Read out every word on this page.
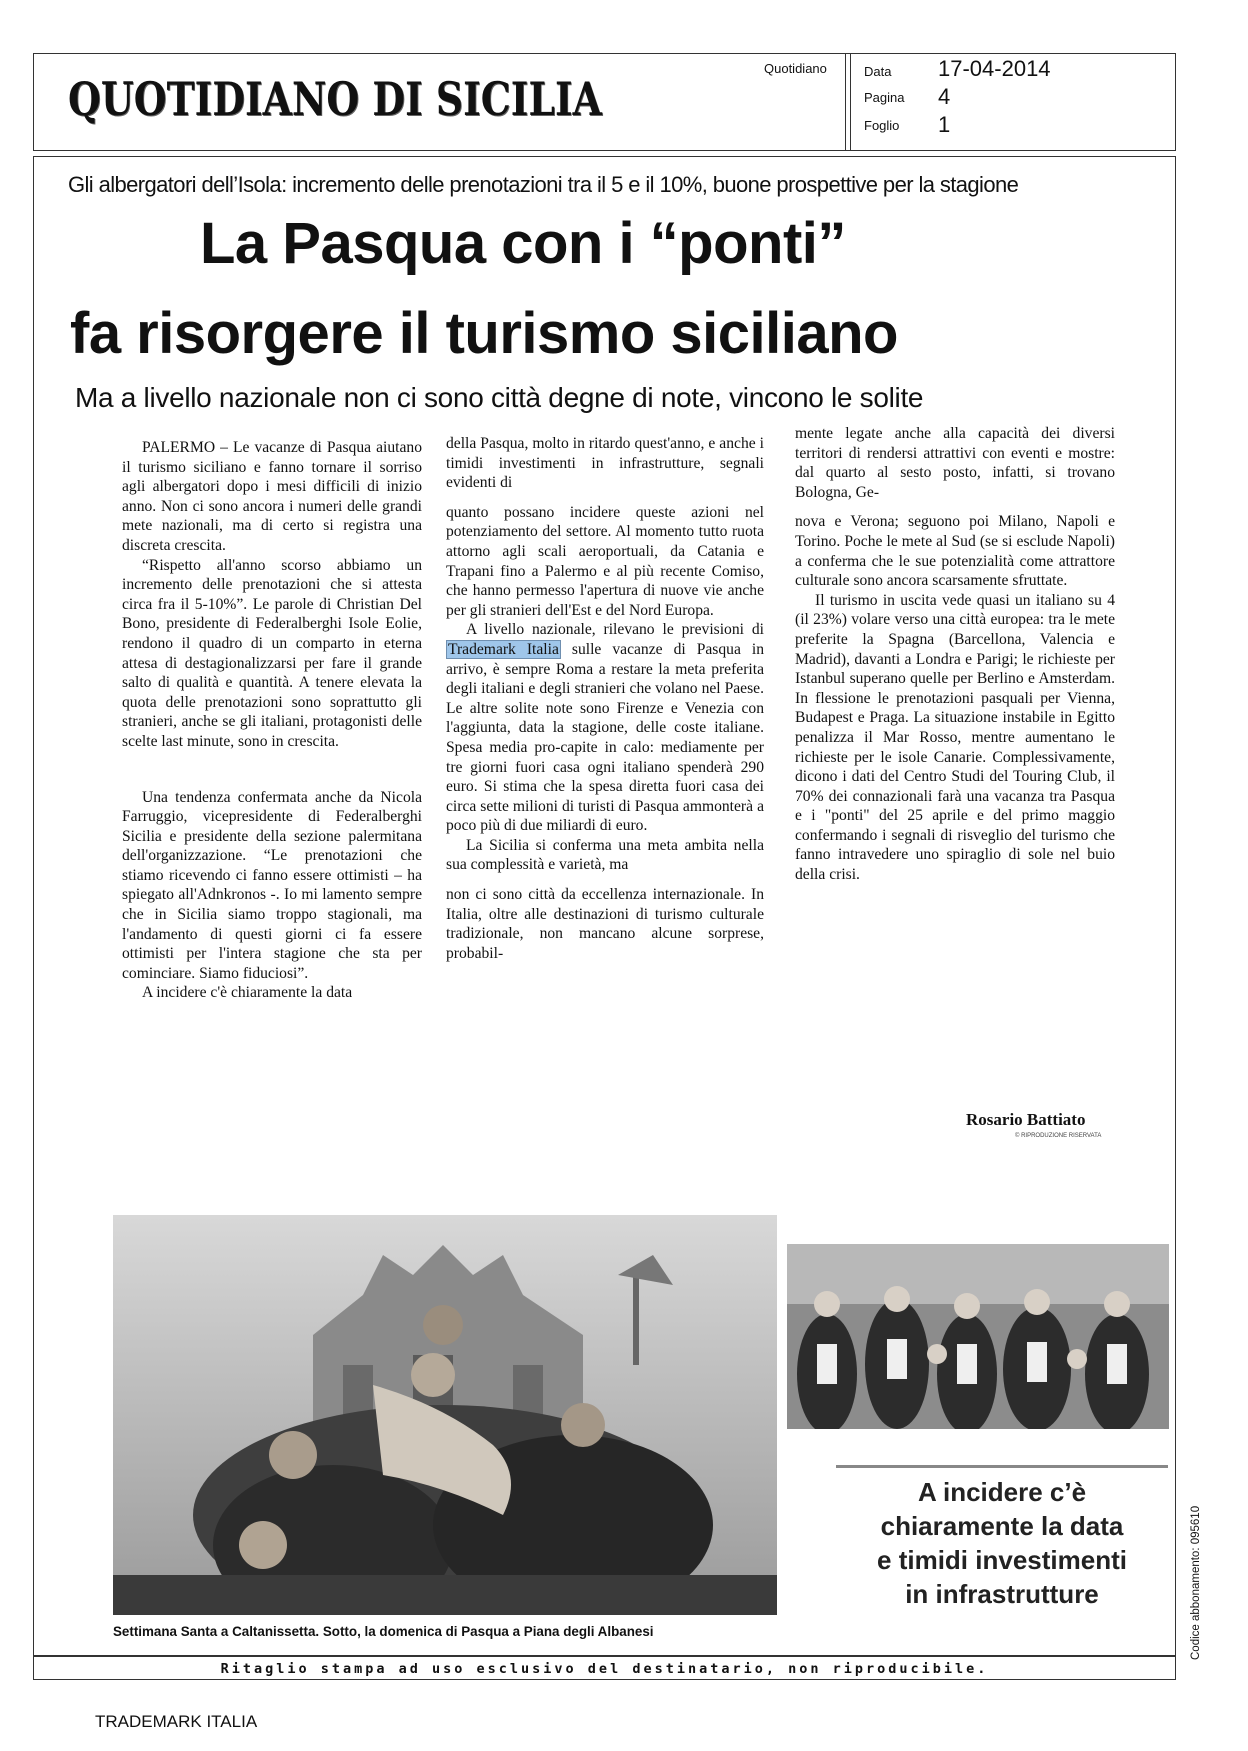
QUOTIDIANO DI SICILIA
Quotidiano	Data 17-04-2014
Pagina 4
Foglio 1
Gli albergatori dell’Isola: incremento delle prenotazioni tra il 5 e il 10%, buone prospettive per la stagione
La Pasqua con i “ponti”
fa risorgere il turismo siciliano
Ma a livello nazionale non ci sono città degne di note, vincono le solite

PALERMO – Le vacanze di Pasqua aiutano il turismo siciliano e fanno tornare il sorriso agli albergatori dopo i mesi difficili di inizio anno. Non ci sono ancora i numeri delle grandi mete nazionali, ma di certo si registra una discreta crescita.

“Rispetto all'anno scorso abbiamo un incremento delle prenotazioni che si attesta circa fra il 5-10%”. Le parole di Christian Del Bono, presidente di Federalberghi Isole Eolie, rendono il quadro di un comparto in eterna attesa di destagionalizzarsi per fare il grande salto di qualità e quantità. A tenere elevata la quota delle prenotazioni sono soprattutto gli stranieri, anche se gli italiani, protagonisti delle scelte last minute, sono in crescita.

Una tendenza confermata anche da Nicola Farruggio, vicepresidente di Federalberghi Sicilia e presidente della sezione palermitana dell'organizzazione. “Le prenotazioni che stiamo ricevendo ci fanno essere ottimisti – ha spiegato all'Adnkronos -. Io mi lamento sempre che in Sicilia siamo troppo stagionali, ma l'andamento di questi giorni ci fa essere ottimisti per l'intera stagione che sta per cominciare. Siamo fiduciosi”.

A incidere c'è chiaramente la data

della Pasqua, molto in ritardo quest'anno, e anche i timidi investimenti in infrastrutture, segnali evidenti di

quanto possano incidere queste azioni nel potenziamento del settore. Al momento tutto ruota attorno agli scali aeroportuali, da Catania e Trapani fino a Palermo e al più recente Comiso, che hanno permesso l'apertura di nuove vie anche per gli stranieri dell'Est e del Nord Europa.

A livello nazionale, rilevano le previsioni di Trademark Italia sulle vacanze di Pasqua in arrivo, è sempre Roma a restare la meta preferita degli italiani e degli stranieri che volano nel Paese. Le altre solite note sono Firenze e Venezia con l'aggiunta, data la stagione, delle coste italiane. Spesa media pro-capite in calo: mediamente per tre giorni fuori casa ogni italiano spenderà 290 euro. Si stima che la spesa diretta fuori casa dei circa sette milioni di turisti di Pasqua ammonterà a poco più di due miliardi di euro.

La Sicilia si conferma una meta ambita nella sua complessità e varietà, ma

non ci sono città da eccellenza internazionale. In Italia, oltre alle destinazioni di turismo culturale tradizionale, non mancano alcune sorprese, probabil-

mente legate anche alla capacità dei diversi territori di rendersi attrattivi con eventi e mostre: dal quarto al sesto posto, infatti, si trovano Bologna, Ge-

nova e Verona; seguono poi Milano, Napoli e Torino. Poche le mete al Sud (se si esclude Napoli) a conferma che le sue potenzialità come attrattore culturale sono ancora scarsamente sfruttate.

Il turismo in uscita vede quasi un italiano su 4 (il 23%) volare verso una città europea: tra le mete preferite la Spagna (Barcellona, Valencia e Madrid), davanti a Londra e Parigi; le richieste per Istanbul superano quelle per Berlino e Amsterdam. In flessione le prenotazioni pasquali per Vienna, Budapest e Praga. La situazione instabile in Egitto penalizza il Mar Rosso, mentre aumentano le richieste per le isole Canarie. Complessivamente, dicono i dati del Centro Studi del Touring Club, il 70% dei connazionali farà una vacanza tra Pasqua e i "ponti" del 25 aprile e del primo maggio confermando i segnali di risveglio del turismo che fanno intravedere uno spiraglio di sole nel buio della crisi.

Rosario Battiato
© RIPRODUZIONE RISERVATA
Settimana Santa a Caltanissetta. Sotto, la domenica di Pasqua a Piana degli Albanesi
A incidere c’è
chiaramente la data
e timidi investimenti
in infrastrutture	Codice abbonamento: 095610
Ritaglio stampa ad uso esclusivo del destinatario, non riproducibile.
TRADEMARK ITALIA
